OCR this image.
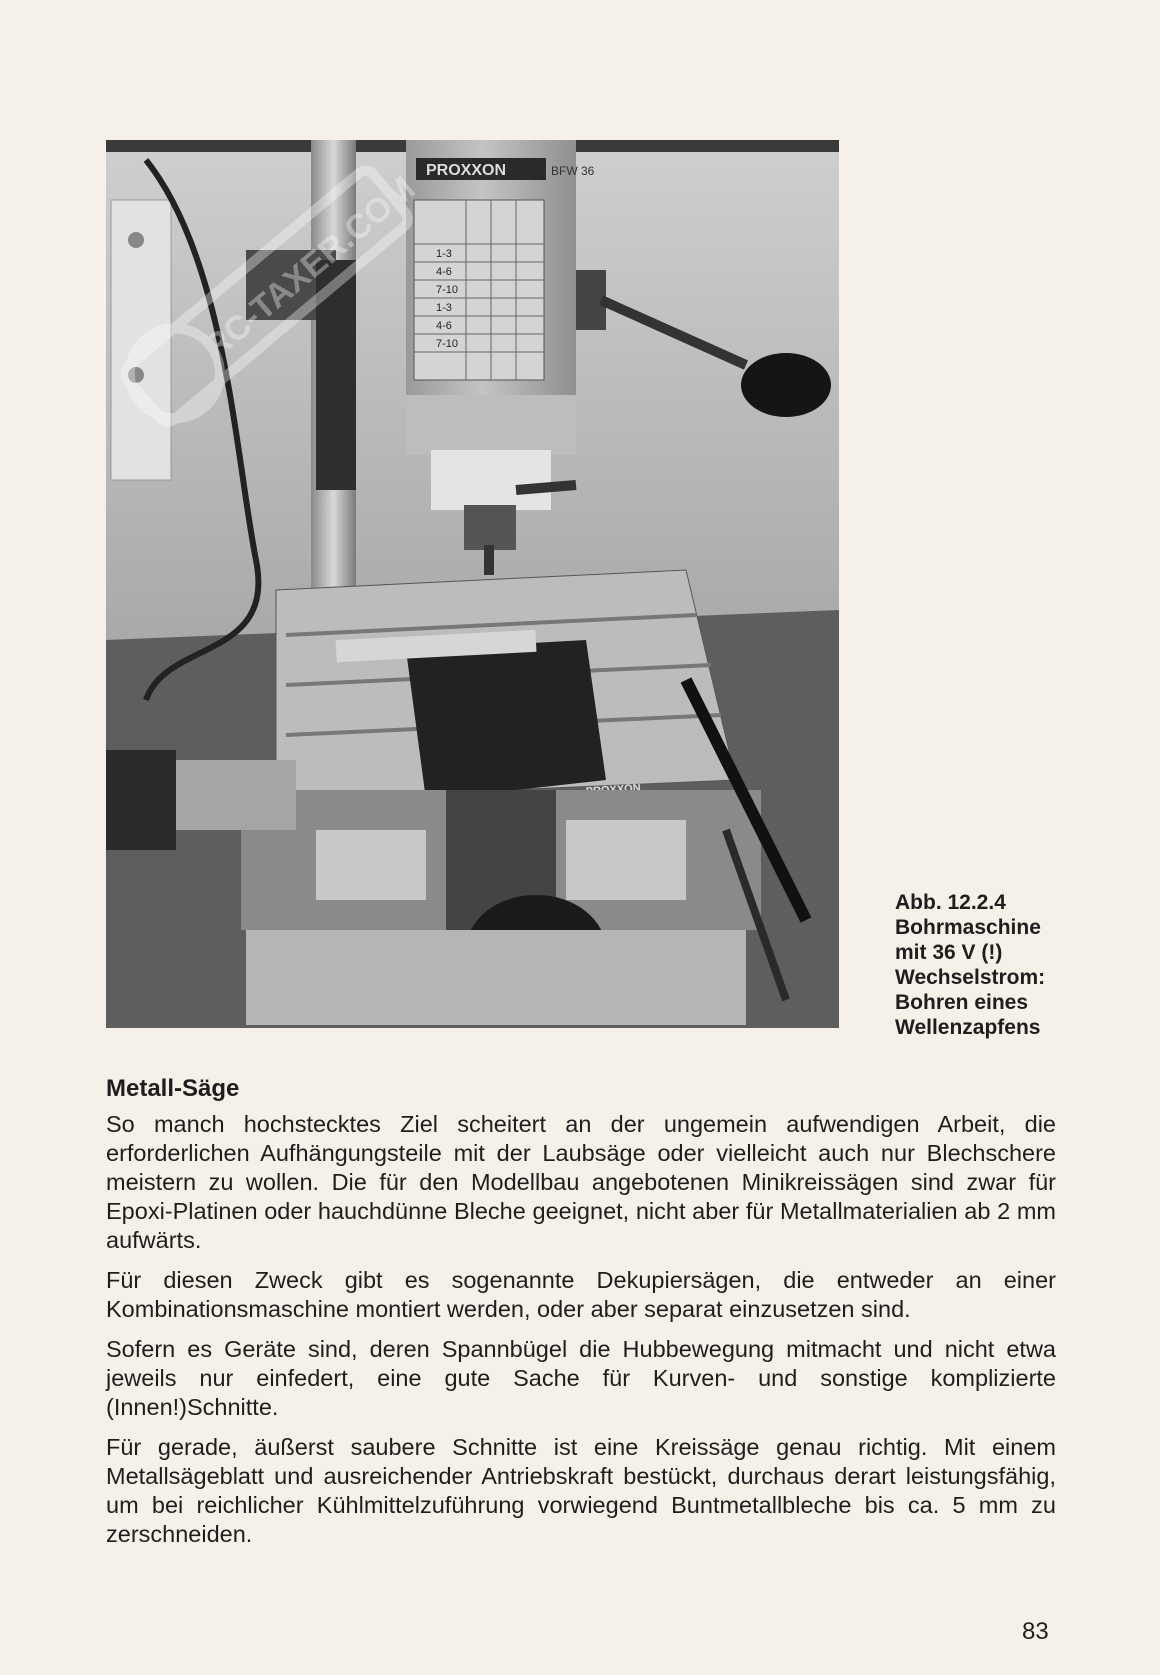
PROXXON	BFW 36
1-3
4-6
7-10
1-3
4-6
7-10
RC-TAXER.COM
Abb. 12.2.4
Bohrmaschine
mit 36 V (!)
Wechselstrom:
Bohren eines
Wellenzapfens
Metall-Säge

So manch hochstecktes Ziel scheitert an der ungemein aufwendigen Arbeit, die erforderlichen Aufhängungsteile mit der Laubsäge oder vielleicht auch nur Blechschere meistern zu wollen. Die für den Modellbau angebotenen Minikreissägen sind zwar für Epoxi-Platinen oder hauchdünne Bleche geeignet, nicht aber für Metallmaterialien ab 2 mm aufwärts.

Für diesen Zweck gibt es sogenannte Dekupiersägen, die entweder an einer Kombinationsmaschine montiert werden, oder aber separat einzusetzen sind.

Sofern es Geräte sind, deren Spannbügel die Hubbewegung mitmacht und nicht etwa jeweils nur einfedert, eine gute Sache für Kurven- und sonstige komplizierte (Innen!)Schnitte.

Für gerade, äußerst saubere Schnitte ist eine Kreissäge genau richtig. Mit einem Metallsägeblatt und ausreichender Antriebskraft bestückt, durchaus derart leistungsfähig, um bei reichlicher Kühlmittelzuführung vorwiegend Buntmetallbleche bis ca. 5 mm zu zerschneiden.

83
